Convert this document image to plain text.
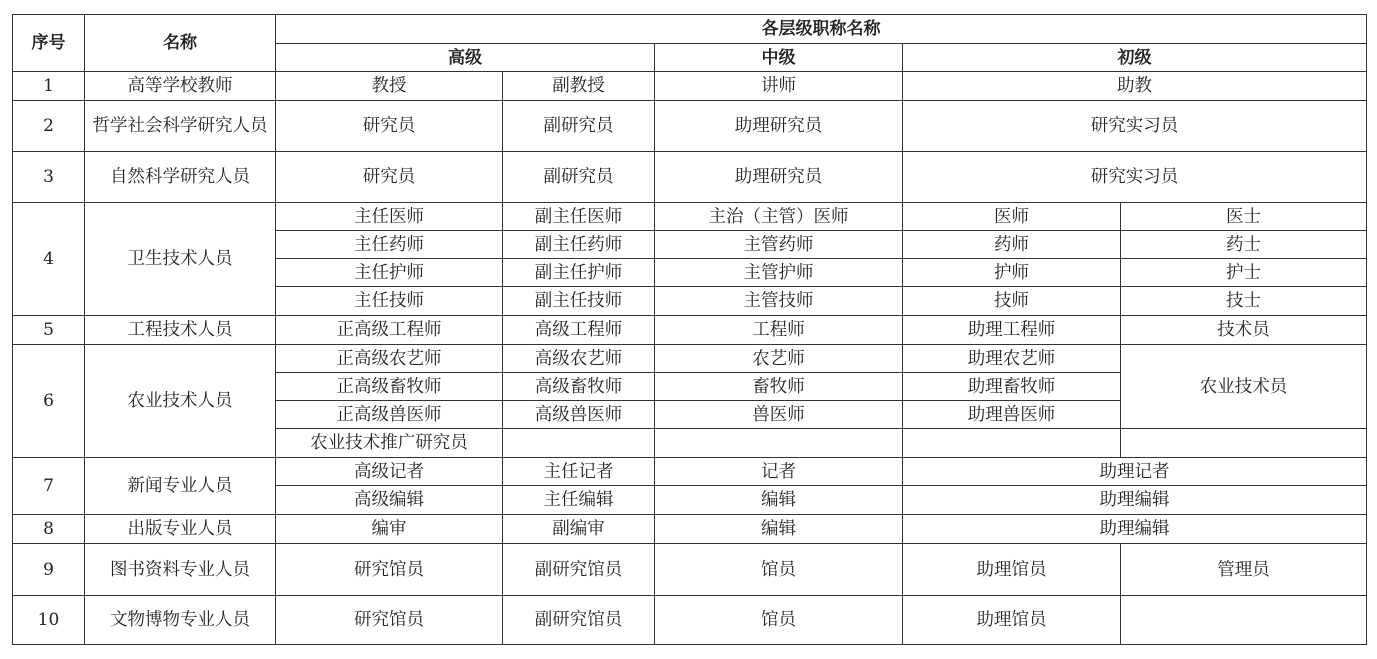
序号	名称	各层级职称名称				
		高级		中级	初级	
1	高等学校教师	教授	副教授	讲师	助教	
2	哲学社会科学研究人员	研究员	副研究员	助理研究员	研究实习员	
3	自然科学研究人员	研究员	副研究员	助理研究员	研究实习员	
4	卫生技术人员	主任医师	副主任医师	主治（主管）医师	医师	医士
		主任药师	副主任药师	主管药师	药师	药士
		主任护师	副主任护师	主管护师	护师	护士
		主任技师	副主任技师	主管技师	技师	技士
5	工程技术人员	正高级工程师	高级工程师	工程师	助理工程师	技术员
6	农业技术人员	正高级农艺师	高级农艺师	农艺师	助理农艺师	农业技术员
		正高级畜牧师	高级畜牧师	畜牧师	助理畜牧师	
		正高级兽医师	高级兽医师	兽医师	助理兽医师	
		农业技术推广研究员				
7	新闻专业人员	高级记者	主任记者	记者	助理记者	
		高级编辑	主任编辑	编辑	助理编辑	
8	出版专业人员	编审	副编审	编辑	助理编辑	
9	图书资料专业人员	研究馆员	副研究馆员	馆员	助理馆员	管理员
10	文物博物专业人员	研究馆员	副研究馆员	馆员	助理馆员	
